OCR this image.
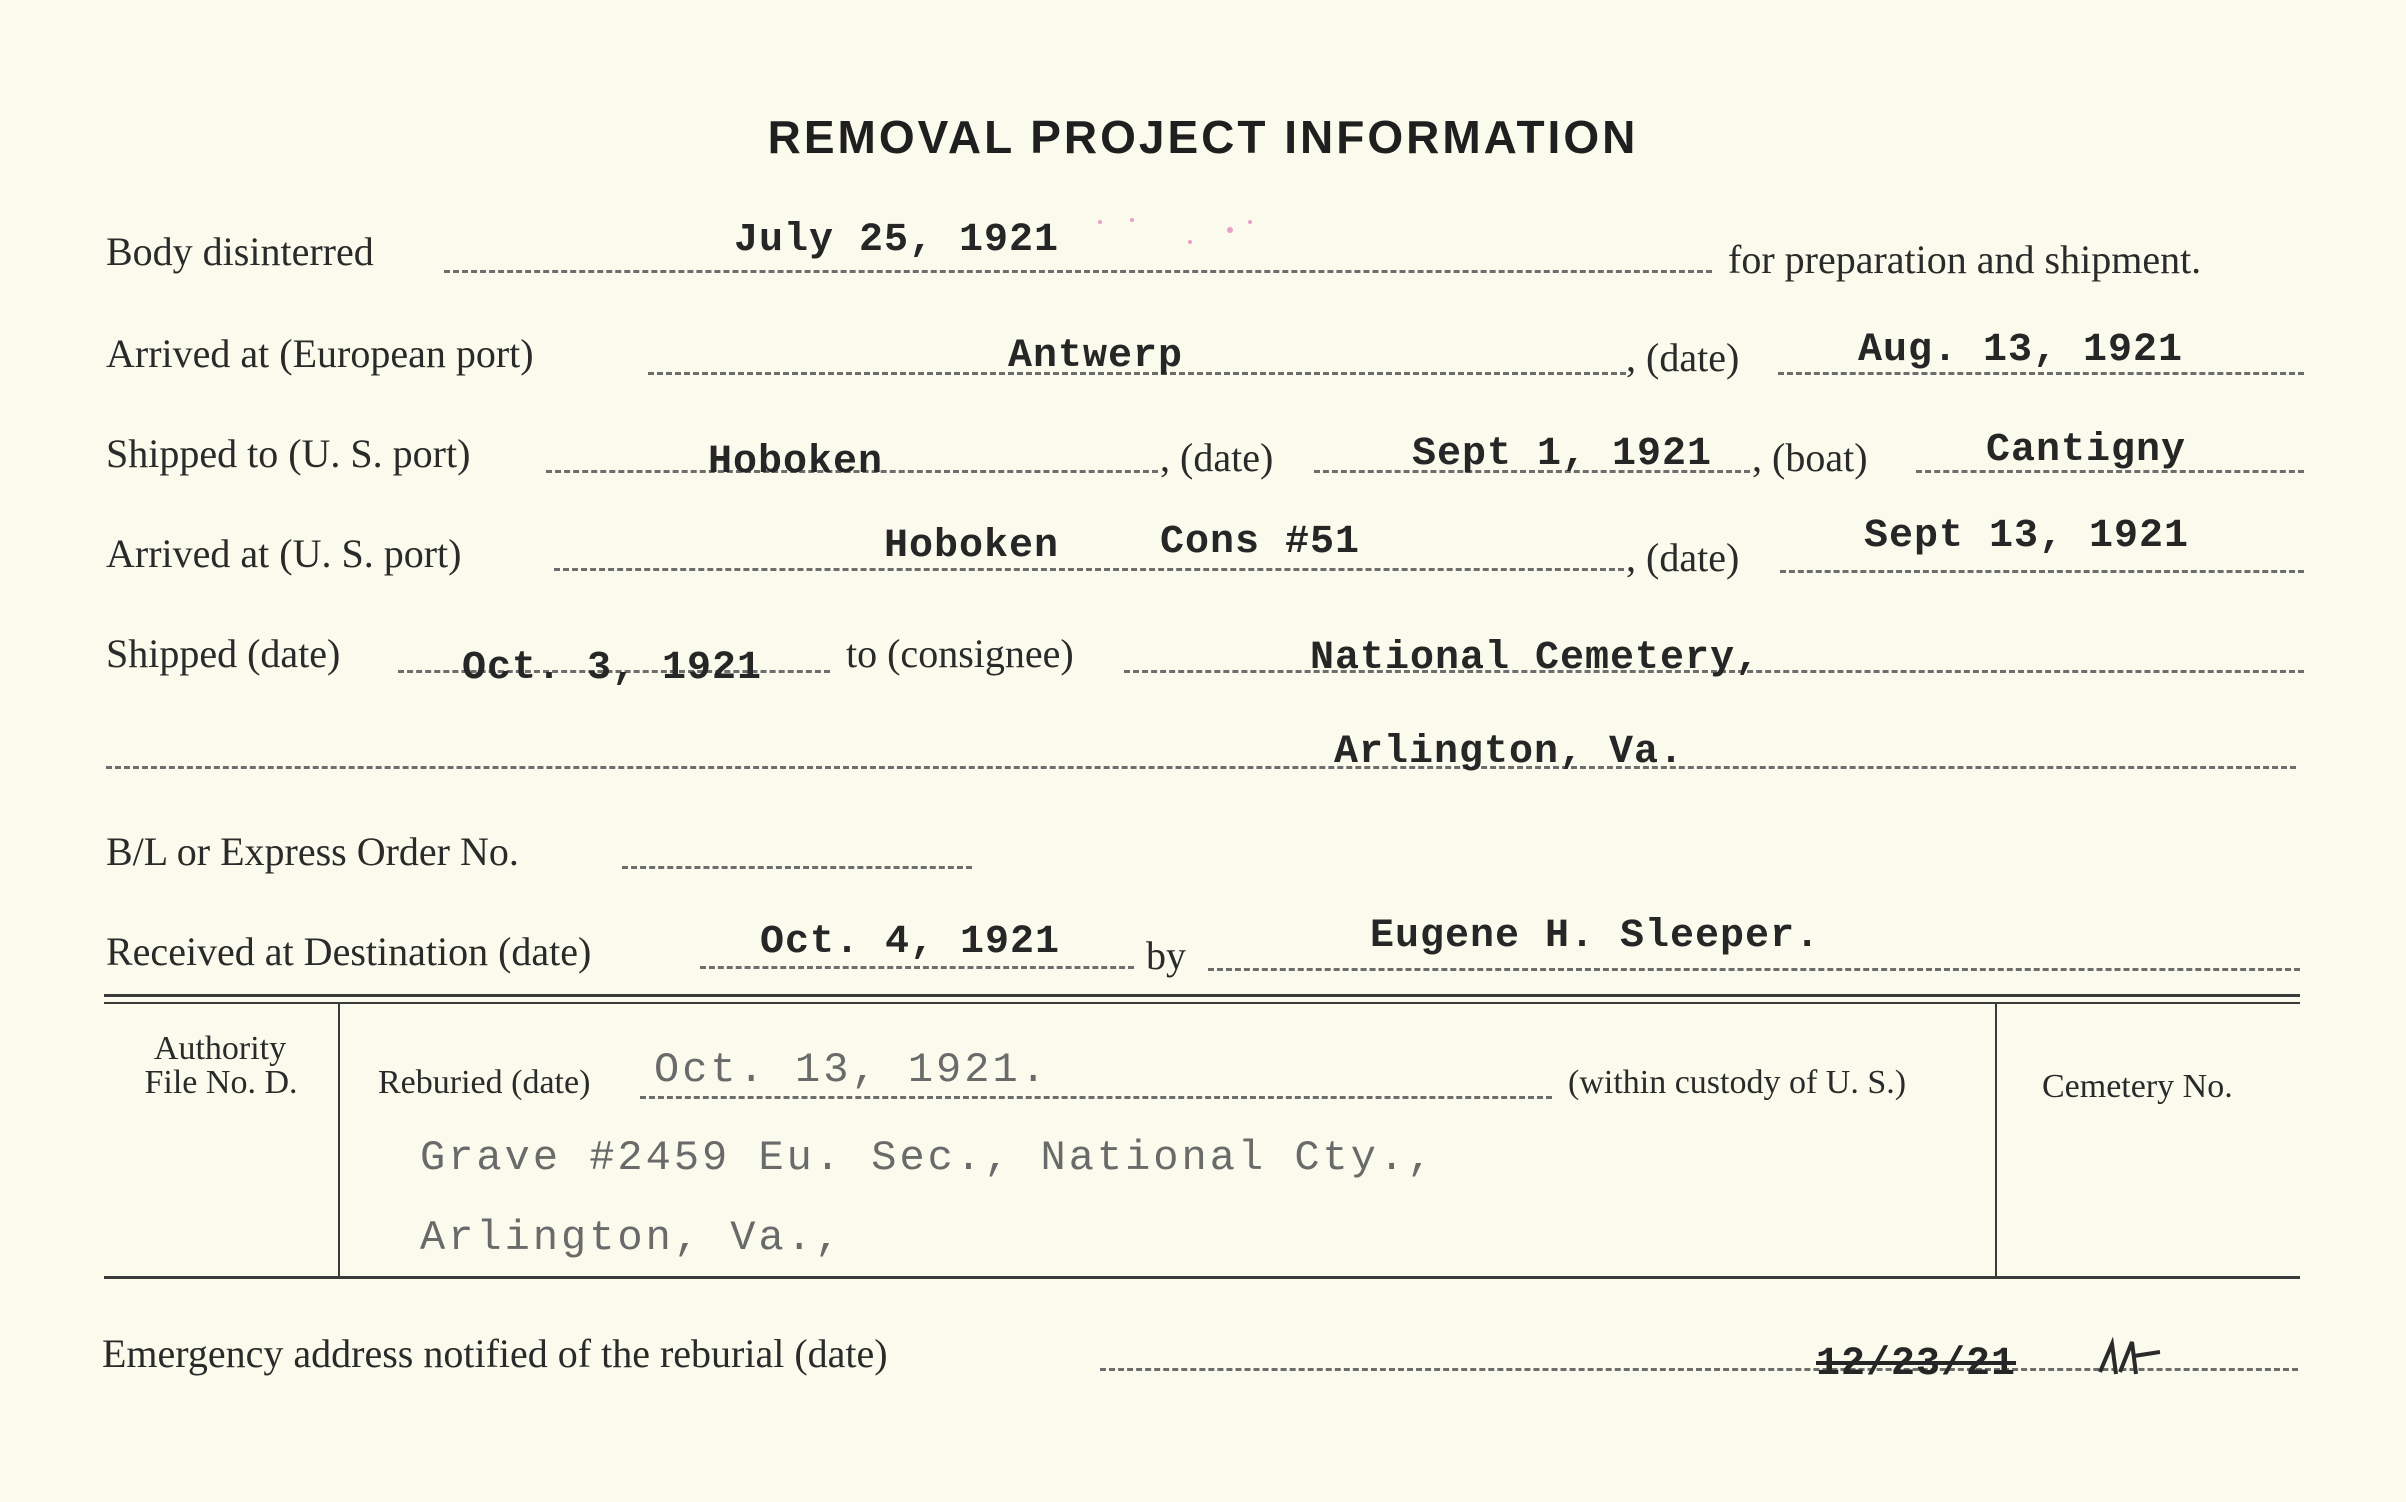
REMOVAL PROJECT INFORMATION
Body disinterred	July 25, 1921	for preparation and shipment.
Arrived at (European port)	Antwerp	, (date)	Aug. 13, 1921
Shipped to (U. S. port)	Hoboken	, (date)	Sept 1, 1921 , (boat)	Cantigny
Arrived at (U. S. port)	Hoboken	Cons #51	, (date)	Sept 13, 1921
Shipped (date)	Oct. 3, 1921 to (consignee)	National Cemetery,
Arlington, Va.
B/L or Express Order No.
Received at Destination (date)	Oct. 4, 1921 by	Eugene H. Sleeper.
Authority
File No. D.	Reburied (date) Oct. 13, 1921.	(within custody of U. S.)	Cemetery No.
Grave #2459 Eu. Sec., National Cty.,
Arlington, Va.,
Emergency address notified of the reburial (date)	12/23/21
